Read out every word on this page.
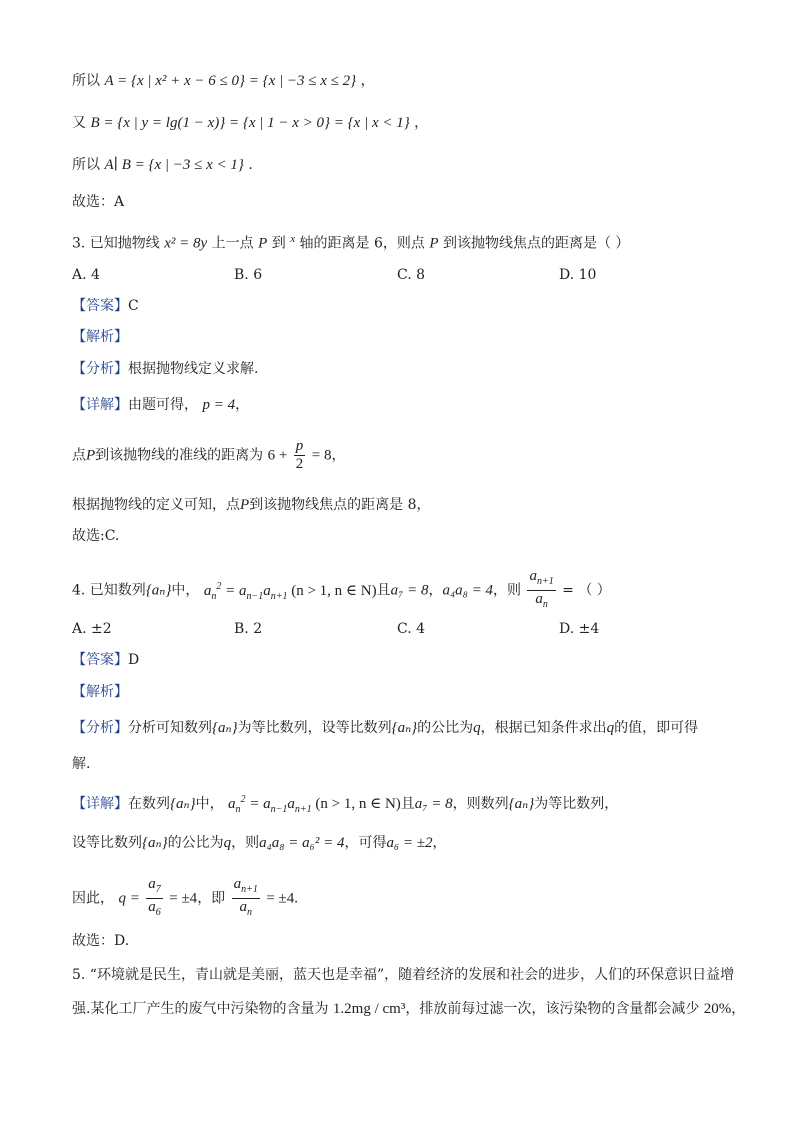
所以 A = {x | x² + x − 6 ≤ 0} = {x | −3 ≤ x ≤ 2} ，
又 B = {x | y = lg(1 − x)} = {x | 1 − x > 0} = {x | x < 1} ，
所以 A∣ B = {x | −3 ≤ x < 1} .
故选：A
3. 已知抛物线 x² = 8y 上一点 P 到 $^x$ 轴的距离是 6，则点 P 到该抛物线焦点的距离是（ ）
A. 4	B. 6	C. 8	D. 10
【答案】C
【解析】
【分析】根据抛物线定义求解.
【详解】由题可得， p = 4，
点P到该抛物线的准线的距离为 $6 + \frac{p}{2} = 8$，
根据抛物线的定义可知，点P到该抛物线焦点的距离是 8，
故选:C.
4. 已知数列{aₙ}中， $a_n^2 = a_{n-1}a_{n+1}$ (n > 1, n ∈ N)且a₇ = 8，a₄a₈ = 4，则 $\frac{a_{n+1}}{a_n}$ = （ ）
A. ±2	B. 2	C. 4	D. ±4
【答案】D
【解析】
【分析】分析可知数列{aₙ}为等比数列，设等比数列{aₙ}的公比为q，根据已知条件求出q的值，即可得
解.
【详解】在数列{aₙ}中， $a_n^2 = a_{n-1}a_{n+1}$ (n > 1, n ∈ N)且a₇ = 8，则数列{aₙ}为等比数列，
设等比数列{aₙ}的公比为q，则a₄a₈ = a₆² = 4，可得a₆ = ±2，
因此， $q = \frac{a_7}{a_6} = \pm 4$，即 $\frac{a_{n+1}}{a_n} = \pm 4$.
故选：D.
5. “环境就是民生，青山就是美丽，蓝天也是幸福”，随着经济的发展和社会的进步，人们的环保意识日益增
强.某化工厂产生的废气中污染物的含量为 1.2mg / cm³，排放前每过滤一次，该污染物的含量都会减少 20%，
